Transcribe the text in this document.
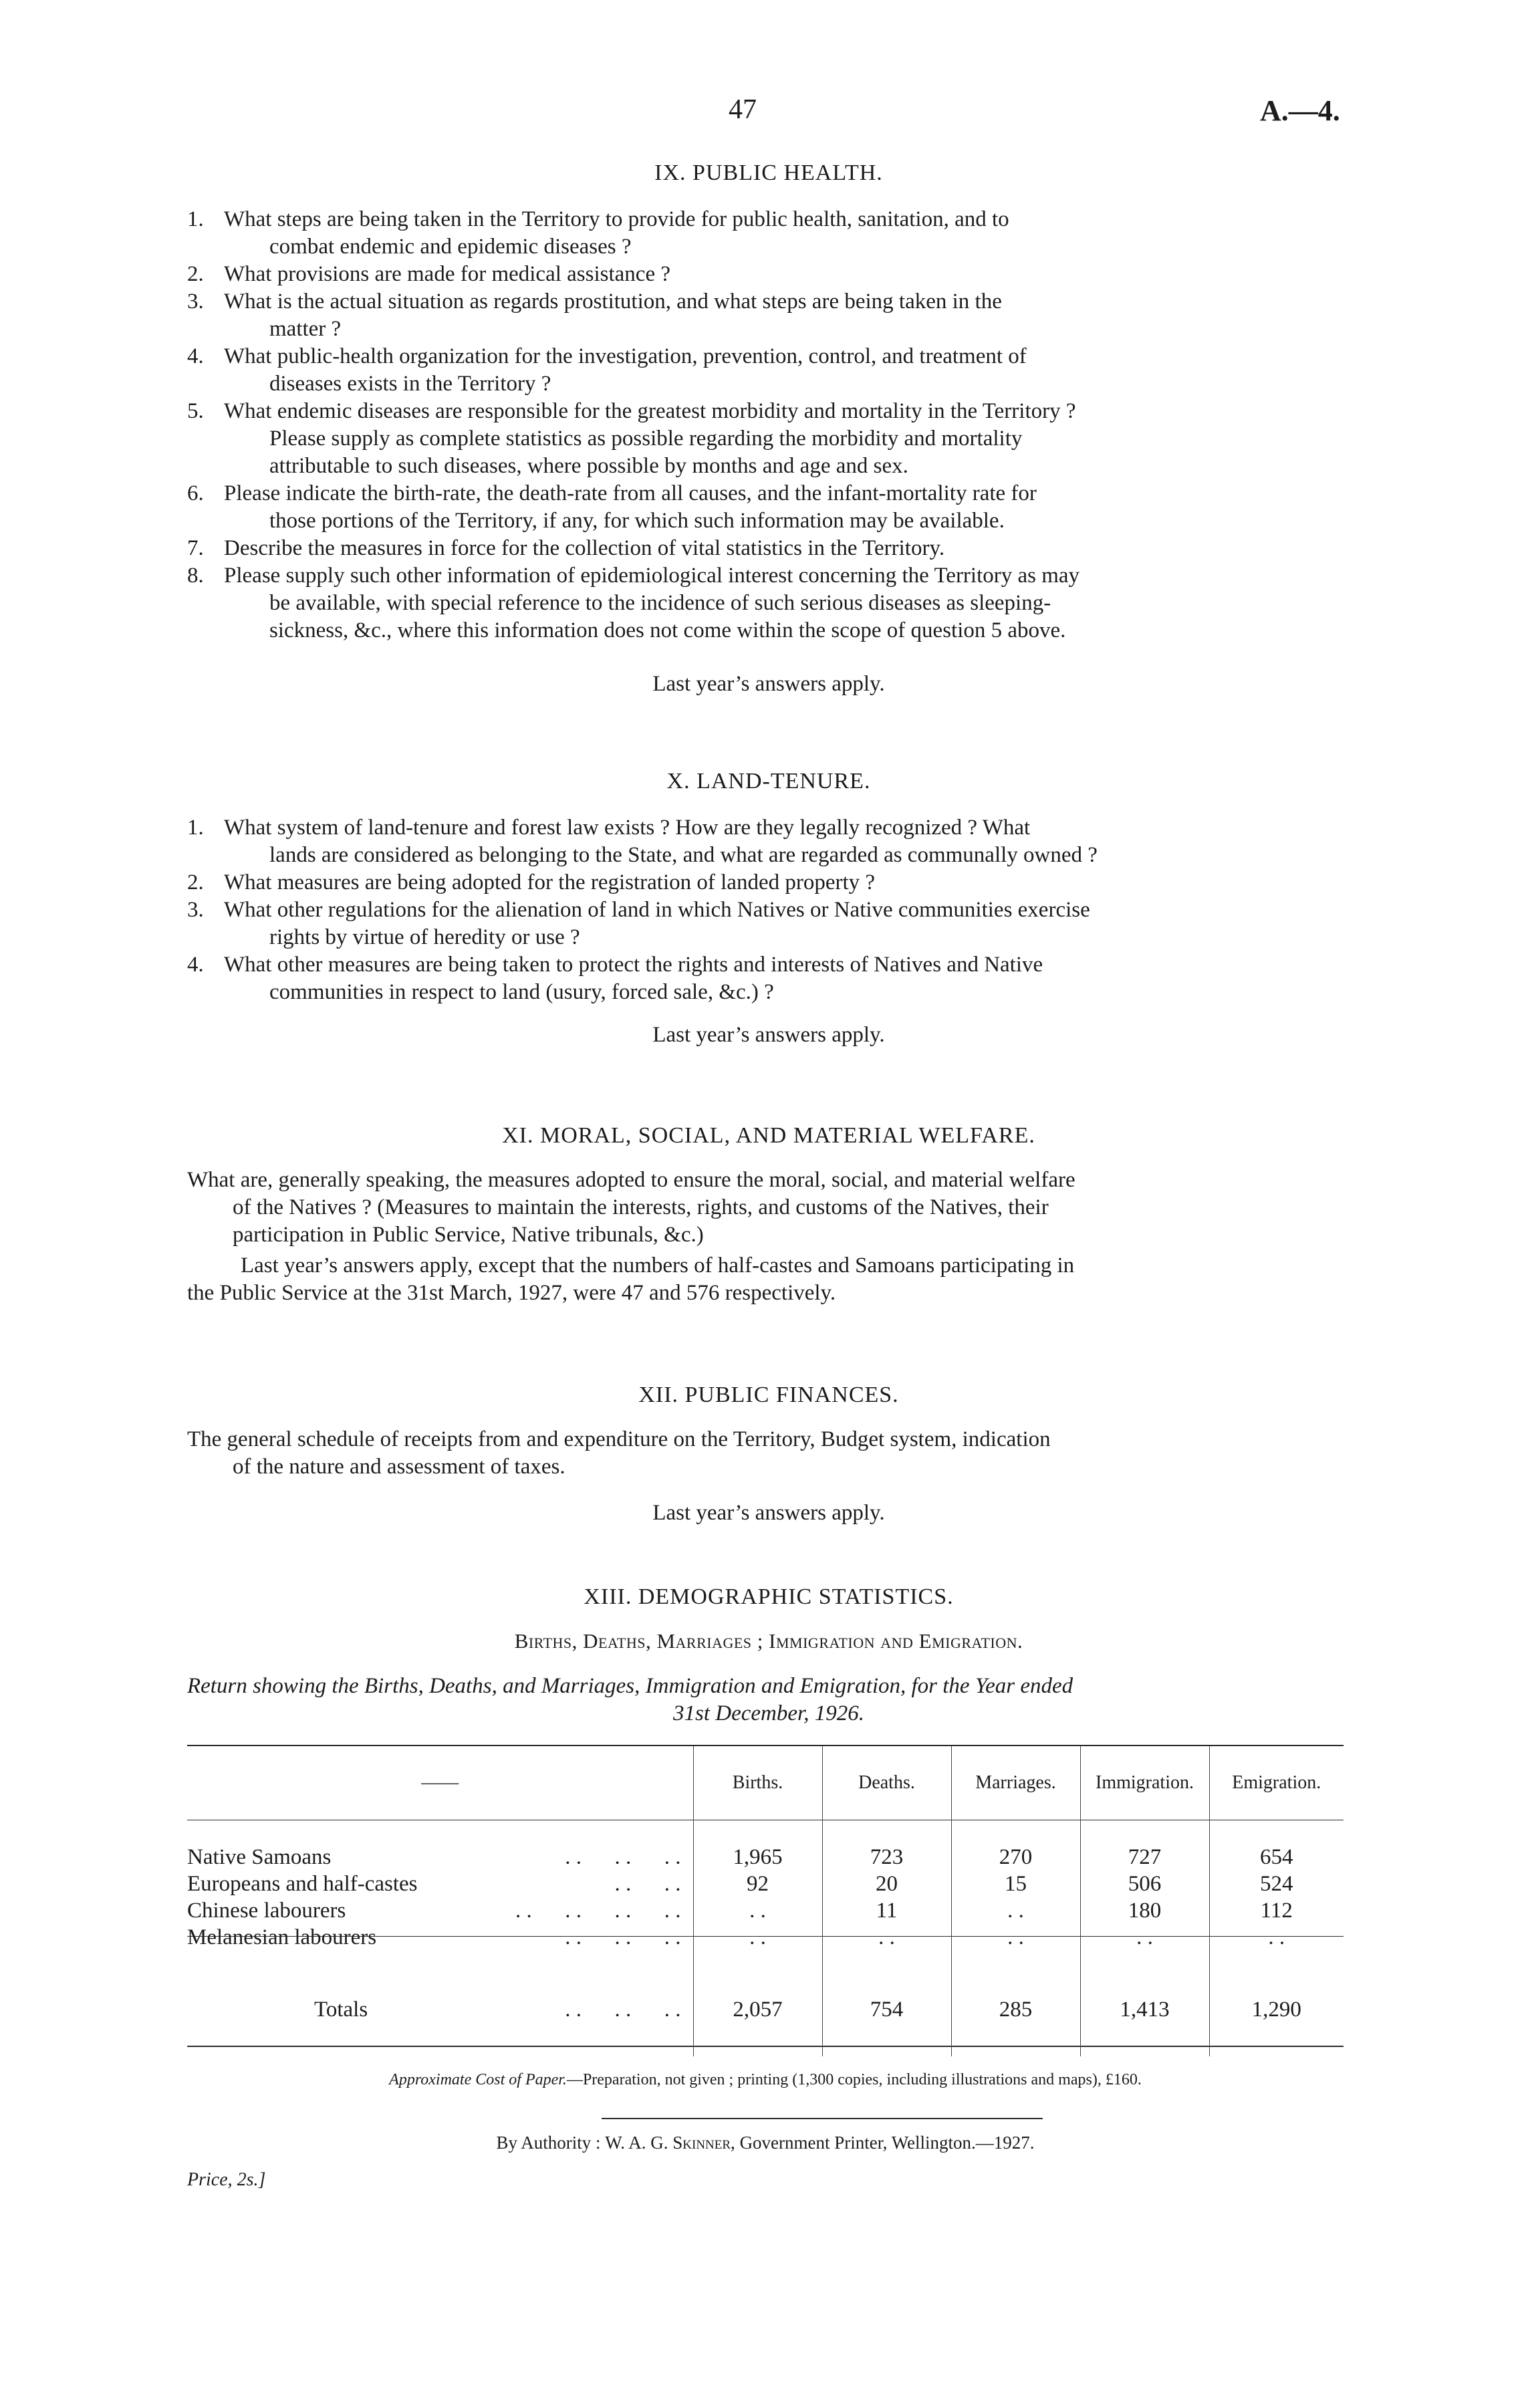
47	A.—4.
IX. PUBLIC HEALTH.
1. What steps are being taken in the Territory to provide for public health, sanitation, and to
combat endemic and epidemic diseases ?
2. What provisions are made for medical assistance ?
3. What is the actual situation as regards prostitution, and what steps are being taken in the
matter ?
4. What public-health organization for the investigation, prevention, control, and treatment of
diseases exists in the Territory ?
5. What endemic diseases are responsible for the greatest morbidity and mortality in the Territory ?
Please supply as complete statistics as possible regarding the morbidity and mortality
attributable to such diseases, where possible by months and age and sex.
6. Please indicate the birth-rate, the death-rate from all causes, and the infant-mortality rate for
those portions of the Territory, if any, for which such information may be available.
7. Describe the measures in force for the collection of vital statistics in the Territory.
8. Please supply such other information of epidemiological interest concerning the Territory as may
be available, with special reference to the incidence of such serious diseases as sleeping-
sickness, &c., where this information does not come within the scope of question 5 above.
Last year’s answers apply.
X. LAND-TENURE.
1. What system of land-tenure and forest law exists ? How are they legally recognized ? What
lands are considered as belonging to the State, and what are regarded as communally owned ?
2. What measures are being adopted for the registration of landed property ?
3. What other regulations for the alienation of land in which Natives or Native communities exercise
rights by virtue of heredity or use ?
4. What other measures are being taken to protect the rights and interests of Natives and Native
communities in respect to land (usury, forced sale, &c.) ?
Last year’s answers apply.
XI. MORAL, SOCIAL, AND MATERIAL WELFARE.
What are, generally speaking, the measures adopted to ensure the moral, social, and material welfare
of the Natives ? (Measures to maintain the interests, rights, and customs of the Natives, their
participation in Public Service, Native tribunals, &c.)
Last year’s answers apply, except that the numbers of half-castes and Samoans participating in
the Public Service at the 31st March, 1927, were 47 and 576 respectively.
XII. PUBLIC FINANCES.
The general schedule of receipts from and expenditure on the Territory, Budget system, indication
of the nature and assessment of taxes.
Last year’s answers apply.
XIII. DEMOGRAPHIC STATISTICS.
Births, Deaths, Marriages ; Immigration and Emigration.
Return showing the Births, Deaths, and Marriages, Immigration and Emigration, for the Year ended
31st December, 1926.
——	Births.	Deaths.	Marriages.	Immigration.	Emigration.

Native Samoans . .      . .      . .	1,965	723	270	727	654
Europeans and half-castes . .      . .	92	20	15	506	524
Chinese labourers . .      . .      . .      . .	. .	11	. .	180	112
Melanesian labourers . .      . .      . .	. .	. .	. .	. .	. .

Totals . .      . .      . .	2,057	754	285	1,413	1,290
Approximate Cost of Paper.—Preparation, not given ; printing (1,300 copies, including illustrations and maps), £160.
By Authority : W. A. G. Skinner, Government Printer, Wellington.—1927.
Price, 2s.]
